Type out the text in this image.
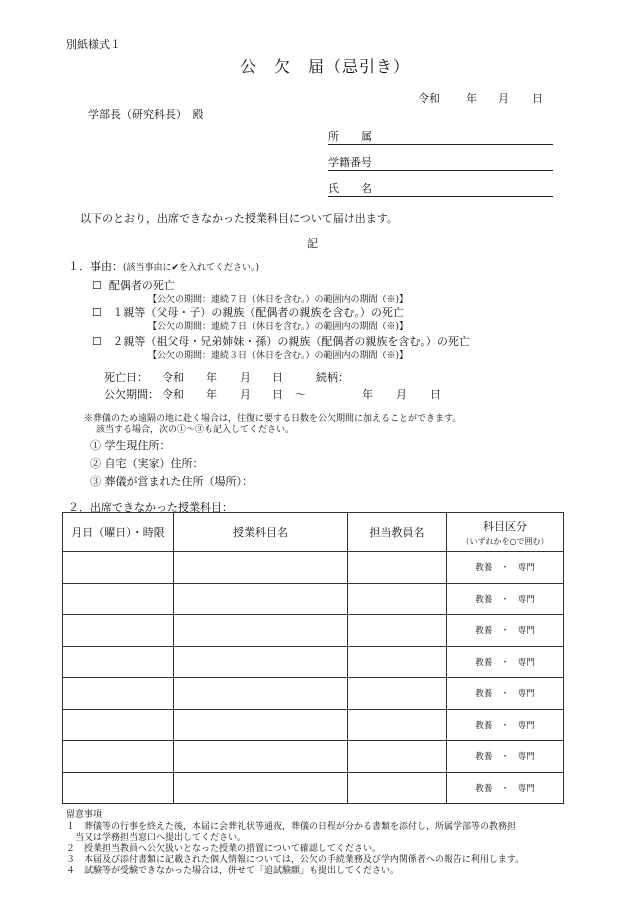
別紙様式１
公　欠　届（忌引き）
令和 年 月 日
学部長（研究科長）　殿
所　　属
学籍番号
氏　　名
以下のとおり，出席できなかった授業科目について届け出ます。
記
１．事由：(該当事由に✔を入れてください。)
☐ 配偶者の死亡
【公欠の期間：連続７日（休日を含む。）の範囲内の期間（※)】
☐ １親等（父母・子）の親族（配偶者の親族を含む。）の死亡
【公欠の期間：連続７日（休日を含む。）の範囲内の期間（※)】
☐ ２親等（祖父母・兄弟姉妹・孫）の親族（配偶者の親族を含む。）の死亡
【公欠の期間：連続３日（休日を含む。）の範囲内の期間（※)】
死亡日： 令和 年 月 日	続柄：
公欠期間： 令和 年 月 日 ～	年 月 日
※葬儀のため遠隔の地に赴く場合は，往復に要する日数を公欠期間に加えることができます。
該当する場合，次の①～③も記入してください。
① 学生現住所：
② 自宅（実家）住所：
③ 葬儀が営まれた住所（場所）：
２．出席できなかった授業科目：
月日（曜日）・時限	授業科目名	担当教員名	科目区分
（いずれかを○で囲む）

			教養　・　専門
			教養　・　専門
			教養　・　専門
			教養　・　専門
			教養　・　専門
			教養　・　専門
			教養　・　専門
			教養　・　専門
留意事項
１　葬儀等の行事を終えた後，本届に会葬礼状等通夜，葬儀の日程が分かる書類を添付し，所属学部等の教務担
　当又は学務担当窓口へ提出してください。
２　授業担当教員へ公欠扱いとなった授業の措置について確認してください。
３　本届及び添付書類に記載された個人情報については，公欠の手続業務及び学内関係者への報告に利用します。
４　試験等が受験できなかった場合は，併せて「追試験願」も提出してください。
